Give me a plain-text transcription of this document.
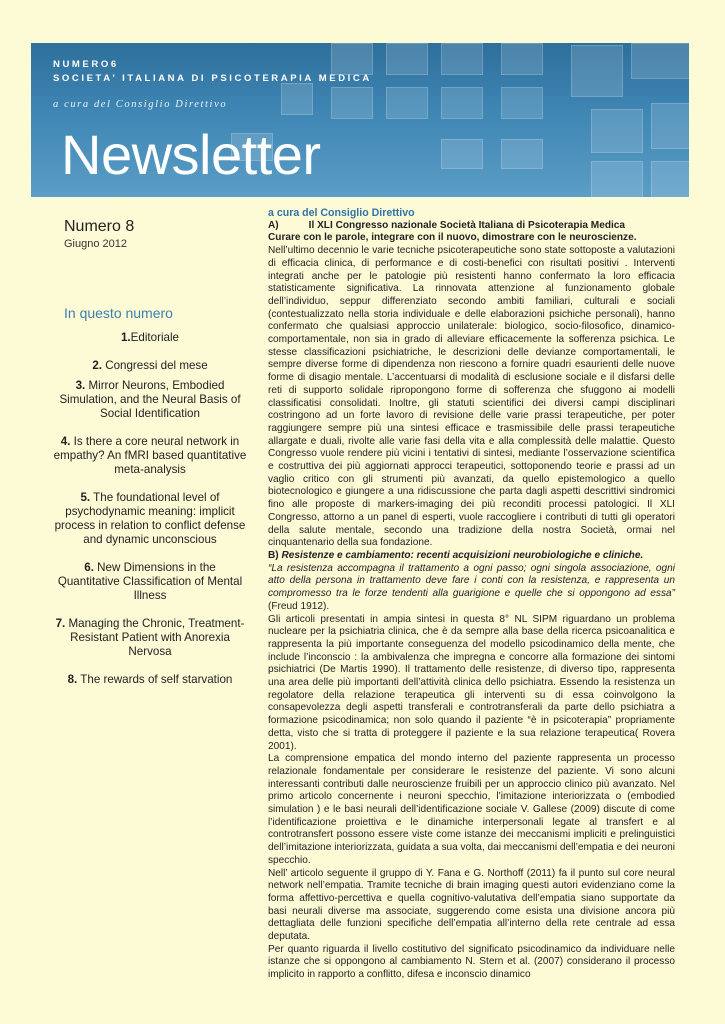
NUMERO6
SOCIETA’ ITALIANA DI PSICOTERAPIA MEDICA
a cura del Consiglio Direttivo
Newsletter
Numero 8
Giugno 2012
In questo numero
1.Editoriale
2. Congressi del mese
3. Mirror Neurons, Embodied Simulation, and the Neural Basis of Social Identification
4. Is there a core neural network in empathy? An fMRI based quantitative meta-analysis
5. The foundational level of psychodynamic meaning: implicit process in relation to conflict defense and dynamic unconscious
6. New Dimensions in the Quantitative Classification of Mental Illness
7. Managing the Chronic, Treatment-Resistant Patient with Anorexia Nervosa
8. The rewards of self starvation

a cura del Consiglio Direttivo

A)	Il XLI Congresso nazionale Società Italiana di Psicoterapia Medica

Curare con le parole, integrare con il nuovo, dimostrare con le neuroscienze.

Nell’ultimo decennio le varie tecniche psicoterapeutiche sono state sottoposte a valutazioni di efficacia clinica, di performance e di costi-benefici con risultati positivi . Interventi integrati anche per le patologie più resistenti hanno confermato la loro efficacia statisticamente significativa. La rinnovata attenzione al funzionamento globale dell’individuo, seppur differenziato secondo ambiti familiari, culturali e sociali (contestualizzato nella storia individuale e delle elaborazioni psichiche personali), hanno confermato che qualsiasi approccio unilaterale: biologico, socio-filosofico, dinamico-comportamentale, non sia in grado di alleviare efficacemente la sofferenza psichica. Le stesse classificazioni psichiatriche, le descrizioni delle devianze comportamentali, le sempre diverse forme di dipendenza non riescono a fornire quadri esaurienti delle nuove forme di disagio mentale. L’accentuarsi di modalità di esclusione sociale e il disfarsi delle reti di supporto solidale ripropongono forme di sofferenza che sfuggono ai modelli classificatisi consolidati. Inoltre, gli statuti scientifici dei diversi campi disciplinari costringono ad un forte lavoro di revisione delle varie prassi terapeutiche, per poter raggiungere sempre più una sintesi efficace e trasmissibile delle prassi terapeutiche allargate e duali, rivolte alle varie fasi della vita e alla complessità delle malattie. Questo Congresso vuole rendere più vicini i tentativi di sintesi, mediante l’osservazione scientifica e costruttiva dei più aggiornati approcci terapeutici, sottoponendo teorie e prassi ad un vaglio critico con gli strumenti più avanzati, da quello epistemologico a quello biotecnologico e giungere a una ridiscussione che parta dagli aspetti descrittivi sindromici fino alle proposte di markers-imaging dei più reconditi processi patologici. Il XLI Congresso, attorno a un panel di esperti, vuole raccogliere i contributi di tutti gli operatori della salute mentale, secondo una tradizione della nostra Società, ormai nel cinquantenario della sua fondazione.

B) Resistenze e cambiamento: recenti acquisizioni neurobiologiche e cliniche.

“La resistenza accompagna il trattamento a ogni passo; ogni singola associazione, ogni atto della persona in trattamento deve fare i conti con la resistenza, e rappresenta un compromesso tra le forze tendenti alla guarigione e quelle che si oppongono ad essa” (Freud 1912).

Gli articoli presentati in ampia sintesi in questa 8° NL SIPM riguardano un problema nucleare per la psichiatria clinica, che è da sempre alla base della ricerca psicoanalitica e rappresenta la più importante conseguenza del modello psicodinamico della mente, che include l’inconscio : la ambivalenza che impregna e concorre alla formazione dei sintomi psichiatrici (De Martis 1990). Il trattamento delle resistenze, di diverso tipo, rappresenta una area delle più importanti dell’attività clinica dello psichiatra. Essendo la resistenza un regolatore della relazione terapeutica gli interventi su di essa coinvolgono la consapevolezza degli aspetti transferali e controtransferali da parte dello psichiatra a formazione psicodinamica; non solo quando il paziente “è in psicoterapia” propriamente detta, visto che si tratta di proteggere il paziente e la sua relazione terapeutica( Rovera 2001).

La comprensione empatica del mondo interno del paziente rappresenta un processo relazionale fondamentale per considerare le resistenze del paziente. Vi sono alcuni interessanti contributi dalle neuroscienze fruibili per un approccio clinico più avanzato. Nel primo articolo concernente i neuroni specchio, l’imitazione interiorizzata o (embodied simulation ) e le basi neurali dell’identificazione sociale V. Gallese (2009) discute di come l’identificazione proiettiva e le dinamiche interpersonali legate al transfert e al controtransfert possono essere viste come istanze dei meccanismi impliciti e prelinguistici dell’imitazione interiorizzata, guidata a sua volta, dai meccanismi dell’empatia e dei neuroni specchio.

Nell’ articolo seguente il gruppo di Y. Fana e G. Northoff (2011) fa il punto sul core neural network nell’empatia. Tramite tecniche di brain imaging questi autori evidenziano come la forma affettivo-percettiva e quella cognitivo-valutativa dell’empatia siano supportate da basi neurali diverse ma associate, suggerendo come esista una divisione ancora più dettagliata delle funzioni specifiche dell’empatia all’interno della rete centrale ad essa deputata.

Per quanto riguarda il livello costitutivo del significato psicodinamico da individuare nelle istanze che si oppongono al cambiamento N. Stern et al. (2007) considerano il processo implicito in rapporto a conflitto, difesa e inconscio dinamico
